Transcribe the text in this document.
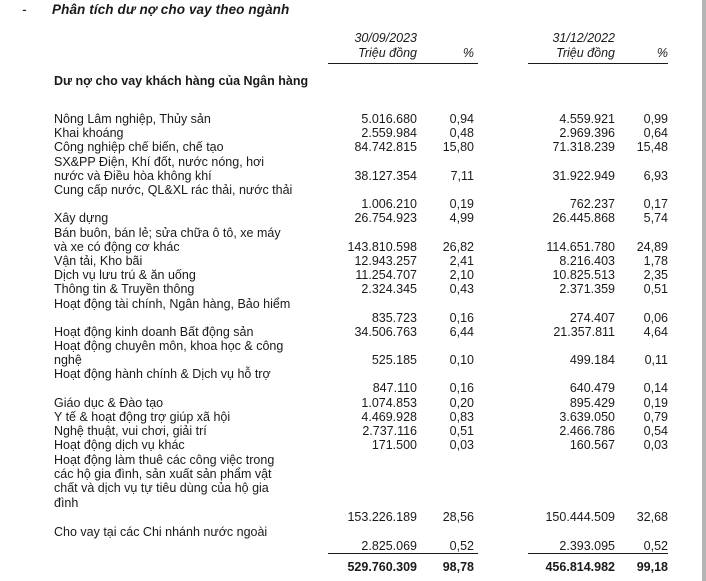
- Phân tích dư nợ cho vay theo ngành
30/09/2023
Triệu đồng	%
31/12/2022
Triệu đồng	%
Dư nợ cho vay khách hàng của Ngân hàng
Nông Lâm nghiệp, Thủy sản	5.016.680	0,94	4.559.921 0,99
Khai khoáng	2.559.984	0,48	2.969.396 0,64
Công nghiệp chế biến, chế tạo	84.742.815 15,80	71.318.239 15,48
SX&PP Điện, Khí đốt, nước nóng, hơi nước và Điều hòa không khí	38.127.354	7,11	31.922.949 6,93
Cung cấp nước, QL&XL rác thải, nước thải
1.006.210	0,19	762.237 0,17
Xây dựng	26.754.923	4,99	26.445.868 5,74
Bán buôn, bán lẻ; sửa chữa ô tô, xe máy và xe có động cơ khác	143.810.598 26,82	114.651.780 24,89
Vận tải, Kho bãi	12.943.257	2,41	8.216.403 1,78
Dịch vụ lưu trú & ăn uống	11.254.707	2,10	10.825.513 2,35
Thông tin & Truyền thông	2.324.345	0,43	2.371.359 0,51
Hoạt động tài chính, Ngân hàng, Bảo hiểm
835.723	0,16	274.407 0,06
Hoạt động kinh doanh Bất động sản	34.506.763	6,44	21.357.811 4,64
Hoạt động chuyên môn, khoa học & công nghệ	525.185	0,10	499.184 0,11
Hoạt động hành chính & Dịch vụ hỗ trợ
847.110	0,16	640.479 0,14
Giáo dục & Đào tạo	1.074.853	0,20	895.429 0,19
Y tế & hoạt động trợ giúp xã hội	4.469.928	0,83	3.639.050 0,79
Nghệ thuật, vui chơi, giải trí	2.737.116	0,51	2.466.786 0,54
Hoạt động dịch vụ khác	171.500	0,03	160.567 0,03
Hoạt động làm thuê các công việc trong các hộ gia đình, sản xuất sản phẩm vật chất và dịch vụ tự tiêu dùng của hộ gia đình
153.226.189 28,56	150.444.509 32,68
Cho vay tại các Chi nhánh nước ngoài
2.825.069	0,52	2.393.095 0,52
529.760.309 98,78	456.814.982 99,18
